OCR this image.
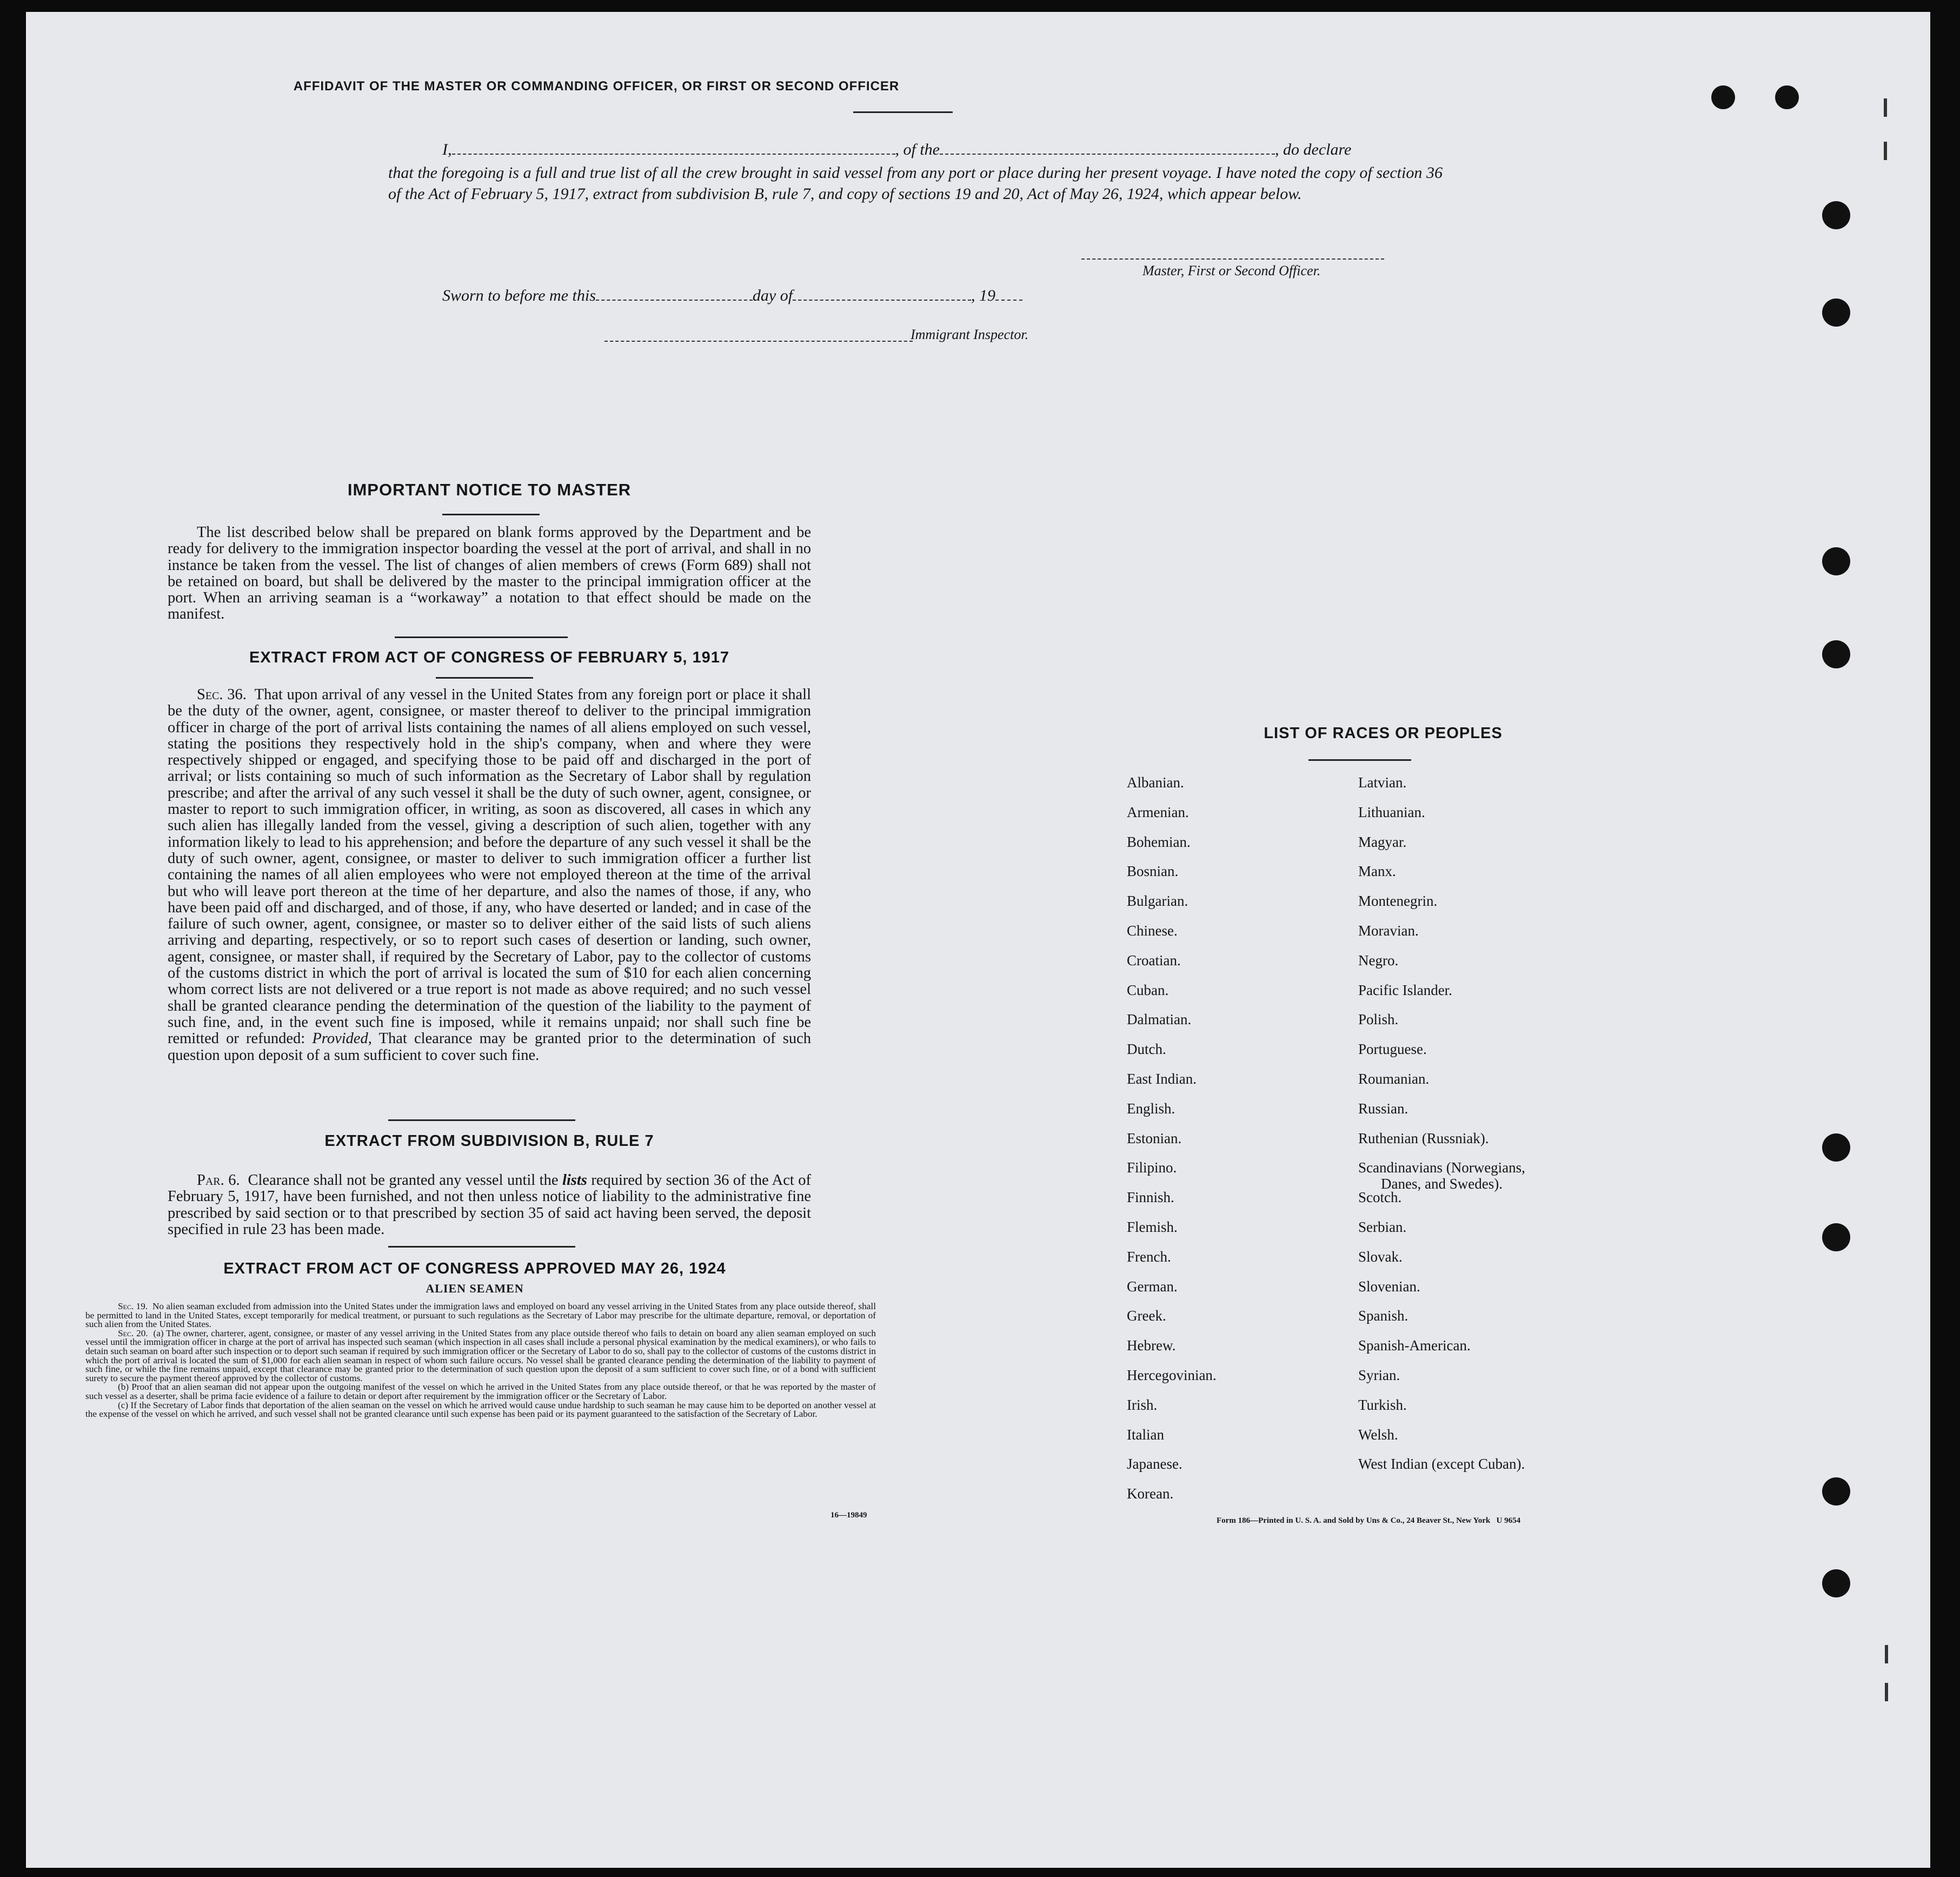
AFFIDAVIT OF THE MASTER OR COMMANDING OFFICER, OR FIRST OR SECOND OFFICER
I,	, of the	, do declare
that the foregoing is a full and true list of all the crew brought in said vessel from any port or place during her present voyage. I have noted the copy of section 36 of the Act of February 5, 1917, extract from subdivision B, rule 7, and copy of sections 19 and 20, Act of May 26, 1924, which appear below.
Master, First or Second Officer.
Sworn to before me this	day of	, 19
Immigrant Inspector.
IMPORTANT NOTICE TO MASTER

The list described below shall be prepared on blank forms approved by the Department and be ready for delivery to the immigration inspector boarding the vessel at the port of arrival, and shall in no instance be taken from the vessel. The list of changes of alien members of crews (Form 689) shall not be retained on board, but shall be delivered by the master to the principal immigration officer at the port. When an arriving seaman is a “workaway” a notation to that effect should be made on the manifest.

EXTRACT FROM ACT OF CONGRESS OF FEBRUARY 5, 1917

Sec. 36. That upon arrival of any vessel in the United States from any foreign port or place it shall be the duty of the owner, agent, consignee, or master thereof to deliver to the principal immigration officer in charge of the port of arrival lists containing the names of all aliens employed on such vessel, stating the positions they respectively hold in the ship's company, when and where they were respectively shipped or engaged, and specifying those to be paid off and discharged in the port of arrival; or lists containing so much of such information as the Secretary of Labor shall by regulation prescribe; and after the arrival of any such vessel it shall be the duty of such owner, agent, consignee, or master to report to such immigration officer, in writing, as soon as discovered, all cases in which any such alien has illegally landed from the vessel, giving a description of such alien, together with any information likely to lead to his apprehension; and before the departure of any such vessel it shall be the duty of such owner, agent, consignee, or master to deliver to such immigration officer a further list containing the names of all alien employees who were not employed thereon at the time of the arrival but who will leave port thereon at the time of her departure, and also the names of those, if any, who have been paid off and discharged, and of those, if any, who have deserted or landed; and in case of the failure of such owner, agent, consignee, or master so to deliver either of the said lists of such aliens arriving and departing, respectively, or so to report such cases of desertion or landing, such owner, agent, consignee, or master shall, if required by the Secretary of Labor, pay to the collector of customs of the customs district in which the port of arrival is located the sum of $10 for each alien concerning whom correct lists are not delivered or a true report is not made as above required; and no such vessel shall be granted clearance pending the determination of the question of the liability to the payment of such fine, and, in the event such fine is imposed, while it remains unpaid; nor shall such fine be remitted or refunded: Provided, That clearance may be granted prior to the determination of such question upon deposit of a sum sufficient to cover such fine.

EXTRACT FROM SUBDIVISION B, RULE 7

Par. 6. Clearance shall not be granted any vessel until the lists required by section 36 of the Act of February 5, 1917, have been furnished, and not then unless notice of liability to the administrative fine prescribed by said section or to that prescribed by section 35 of said act having been served, the deposit specified in rule 23 has been made.

EXTRACT FROM ACT OF CONGRESS APPROVED MAY 26, 1924
ALIEN SEAMEN

Sec. 19. No alien seaman excluded from admission into the United States under the immigration laws and employed on board any vessel arriving in the United States from any place outside thereof, shall be permitted to land in the United States, except temporarily for medical treatment, or pursuant to such regulations as the Secretary of Labor may prescribe for the ultimate departure, removal, or deportation of such alien from the United States.

Sec. 20. (a) The owner, charterer, agent, consignee, or master of any vessel arriving in the United States from any place outside thereof who fails to detain on board any alien seaman employed on such vessel until the immigration officer in charge at the port of arrival has inspected such seaman (which inspection in all cases shall include a personal physical examination by the medical examiners), or who fails to detain such seaman on board after such inspection or to deport such seaman if required by such immigration officer or the Secretary of Labor to do so, shall pay to the collector of customs of the customs district in which the port of arrival is located the sum of $1,000 for each alien seaman in respect of whom such failure occurs. No vessel shall be granted clearance pending the determination of the liability to payment of such fine, or while the fine remains unpaid, except that clearance may be granted prior to the determination of such question upon the deposit of a sum sufficient to cover such fine, or of a bond with sufficient surety to secure the payment thereof approved by the collector of customs.

(b) Proof that an alien seaman did not appear upon the outgoing manifest of the vessel on which he arrived in the United States from any place outside thereof, or that he was reported by the master of such vessel as a deserter, shall be prima facie evidence of a failure to detain or deport after requirement by the immigration officer or the Secretary of Labor.

(c) If the Secretary of Labor finds that deportation of the alien seaman on the vessel on which he arrived would cause undue hardship to such seaman he may cause him to be deported on another vessel at the expense of the vessel on which he arrived, and such vessel shall not be granted clearance until such expense has been paid or its payment guaranteed to the satisfaction of the Secretary of Labor.

16—19849
LIST OF RACES OR PEOPLES
Form 186—Printed in U. S. A. and Sold by Uns & Co., 24 Beaver St., New York   U 9654
Albanian.
Armenian.
Bohemian.
Bosnian.
Bulgarian.
Chinese.
Croatian.
Cuban.
Dalmatian.
Dutch.
East Indian.
English.
Estonian.
Filipino.
Finnish.
Flemish.
French.
German.
Greek.
Hebrew.
Hercegovinian.
Irish.
Italian
Japanese.
Korean.
Latvian.
Lithuanian.
Magyar.
Manx.
Montenegrin.
Moravian.
Negro.
Pacific Islander.
Polish.
Portuguese.
Roumanian.
Russian.
Ruthenian (Russniak).
Scandinavians (Norwegians,
Danes, and Swedes).
Scotch.
Serbian.
Slovak.
Slovenian.
Spanish.
Spanish-American.
Syrian.
Turkish.
Welsh.
West Indian (except Cuban).
